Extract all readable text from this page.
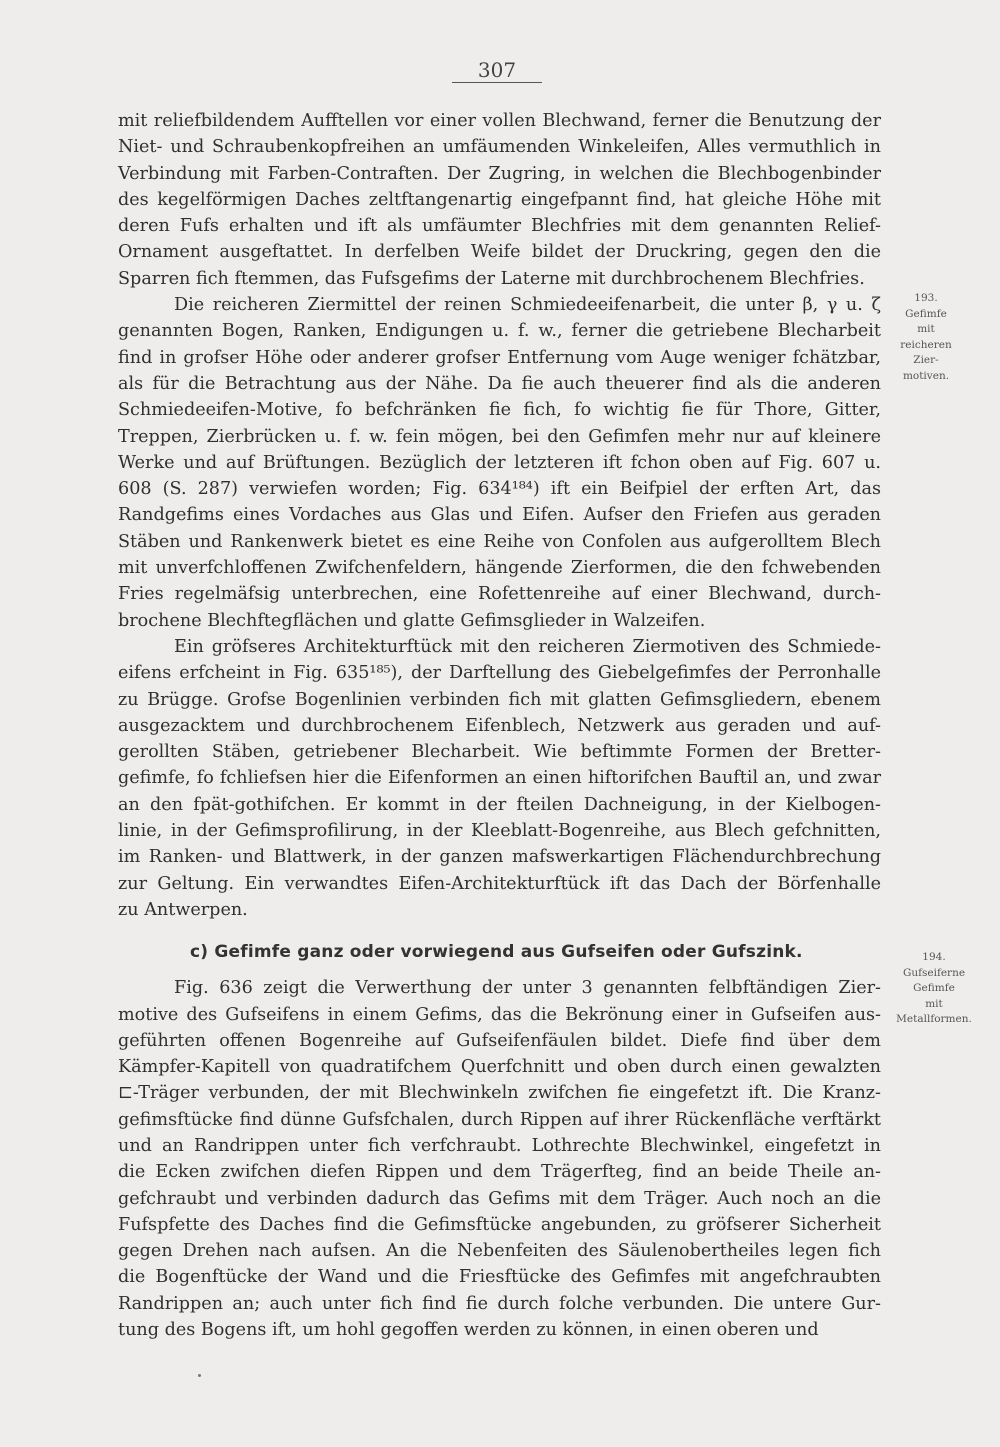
307
193.
Gefimfe
mit
reicheren
Zier-
motiven.
194.
Gufseiferne
Gefimfe
mit
Metallformen.
mit reliefbildendem Aufftellen vor einer vollen Blechwand, ferner die Benutzung der
Niet- und Schraubenkopfreihen an umfäumenden Winkeleifen, Alles vermuthlich in
Verbindung mit Farben-Contraften. Der Zugring, in welchen die Blechbogenbinder
des kegelförmigen Daches zeltftangenartig eingefpannt find, hat gleiche Höhe mit
deren Fufs erhalten und ift als umfäumter Blechfries mit dem genannten Relief-
Ornament ausgeftattet. In derfelben Weife bildet der Druckring, gegen den die
Sparren fich ftemmen, das Fufsgefims der Laterne mit durchbrochenem Blechfries.
Die reicheren Ziermittel der reinen Schmiedeeifenarbeit, die unter β, γ u. ζ
genannten Bogen, Ranken, Endigungen u. f. w., ferner die getriebene Blecharbeit
find in grofser Höhe oder anderer grofser Entfernung vom Auge weniger fchätzbar,
als für die Betrachtung aus der Nähe. Da fie auch theuerer find als die anderen
Schmiedeeifen-Motive, fo befchränken fie fich, fo wichtig fie für Thore, Gitter,
Treppen, Zierbrücken u. f. w. fein mögen, bei den Gefimfen mehr nur auf kleinere
Werke und auf Brüftungen. Bezüglich der letzteren ift fchon oben auf Fig. 607 u.
608 (S. 287) verwiefen worden; Fig. 634¹⁸⁴) ift ein Beifpiel der erften Art, das
Randgefims eines Vordaches aus Glas und Eifen. Aufser den Friefen aus geraden
Stäben und Rankenwerk bietet es eine Reihe von Confolen aus aufgerolltem Blech
mit unverfchloffenen Zwifchenfeldern, hängende Zierformen, die den fchwebenden
Fries regelmäfsig unterbrechen, eine Rofettenreihe auf einer Blechwand, durch-
brochene Blechftegflächen und glatte Gefimsglieder in Walzeifen.
Ein gröfseres Architekturftück mit den reicheren Ziermotiven des Schmiede-
eifens erfcheint in Fig. 635¹⁸⁵), der Darftellung des Giebelgefimfes der Perronhalle
zu Brügge. Grofse Bogenlinien verbinden fich mit glatten Gefimsgliedern, ebenem
ausgezacktem und durchbrochenem Eifenblech, Netzwerk aus geraden und auf-
gerollten Stäben, getriebener Blecharbeit. Wie beftimmte Formen der Bretter-
gefimfe, fo fchliefsen hier die Eifenformen an einen hiftorifchen Bauftil an, und zwar
an den fpät-gothifchen. Er kommt in der fteilen Dachneigung, in der Kielbogen-
linie, in der Gefimsprofilirung, in der Kleeblatt-Bogenreihe, aus Blech gefchnitten,
im Ranken- und Blattwerk, in der ganzen mafswerkartigen Flächendurchbrechung
zur Geltung. Ein verwandtes Eifen-Architekturftück ift das Dach der Börfenhalle
zu Antwerpen.
c) Gefimfe ganz oder vorwiegend aus Gufseifen oder Gufszink.
Fig. 636 zeigt die Verwerthung der unter 3 genannten felbftändigen Zier-
motive des Gufseifens in einem Gefims, das die Bekrönung einer in Gufseifen aus-
geführten offenen Bogenreihe auf Gufseifenfäulen bildet. Diefe find über dem
Kämpfer-Kapitell von quadratifchem Querfchnitt und oben durch einen gewalzten
⊏-Träger verbunden, der mit Blechwinkeln zwifchen fie eingefetzt ift. Die Kranz-
gefimsftücke find dünne Gufsfchalen, durch Rippen auf ihrer Rückenfläche verftärkt
und an Randrippen unter fich verfchraubt. Lothrechte Blechwinkel, eingefetzt in
die Ecken zwifchen diefen Rippen und dem Trägerfteg, find an beide Theile an-
gefchraubt und verbinden dadurch das Gefims mit dem Träger. Auch noch an die
Fufspfette des Daches find die Gefimsftücke angebunden, zu gröfserer Sicherheit
gegen Drehen nach aufsen. An die Nebenfeiten des Säulenobertheiles legen fich
die Bogenftücke der Wand und die Friesftücke des Gefimfes mit angefchraubten
Randrippen an; auch unter fich find fie durch folche verbunden. Die untere Gur-
tung des Bogens ift, um hohl gegoffen werden zu können, in einen oberen und
